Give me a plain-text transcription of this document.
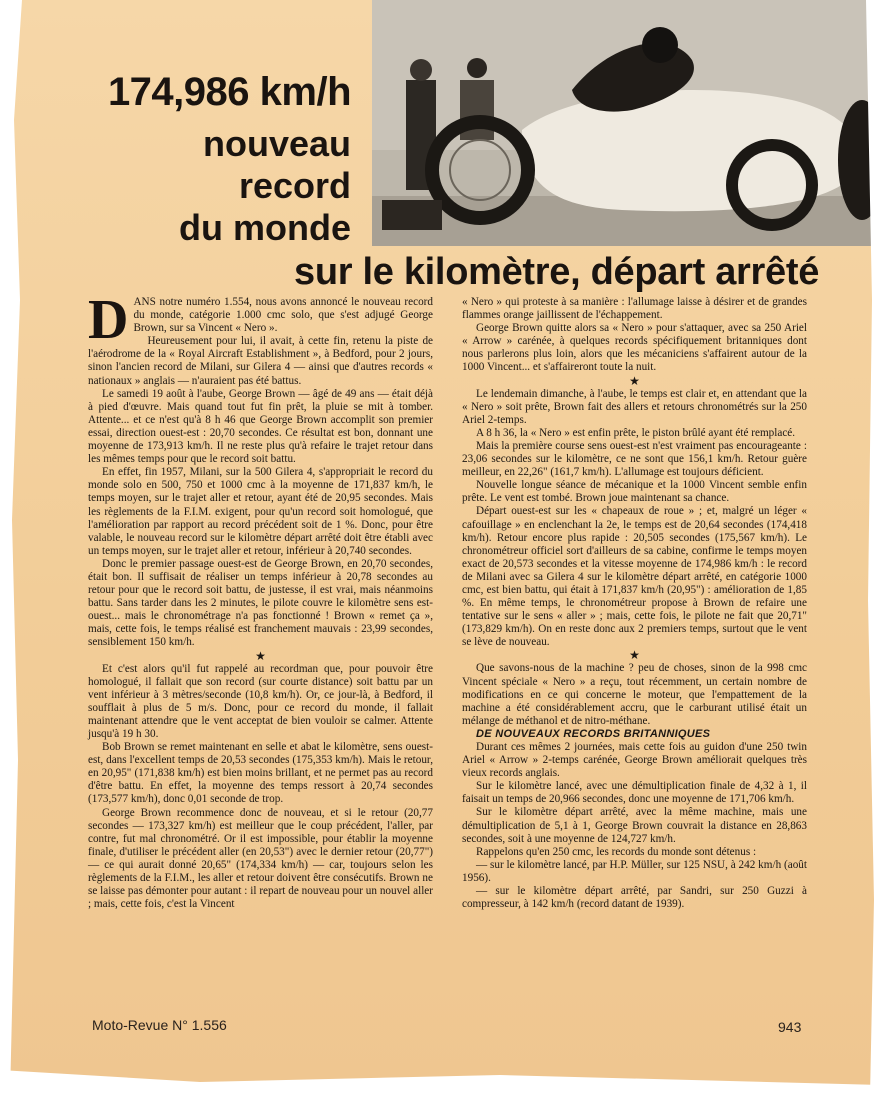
174,986 km/h
nouveau
record
du monde
sur le kilomètre, départ arrêté

D ANS notre numéro 1.554, nous avons annoncé le nouveau record du monde, catégorie 1.000 cmc solo, que s'est adjugé George Brown, sur sa Vincent « Nero ».

Heureusement pour lui, il avait, à cette fin, retenu la piste de l'aérodrome de la « Royal Aircraft Establishment », à Bedford, pour 2 jours, sinon l'ancien record de Milani, sur Gilera 4 — ainsi que d'autres records « nationaux » anglais — n'auraient pas été battus.

Le samedi 19 août à l'aube, George Brown — âgé de 49 ans — était déjà à pied d'œuvre. Mais quand tout fut fin prêt, la pluie se mit à tomber. Attente... et ce n'est qu'à 8 h 46 que George Brown accomplit son premier essai, direction ouest-est : 20,70 secondes. Ce résultat est bon, donnant une moyenne de 173,913 km/h. Il ne reste plus qu'à refaire le trajet retour dans les mêmes temps pour que le record soit battu.

En effet, fin 1957, Milani, sur la 500 Gilera 4, s'appropriait le record du monde solo en 500, 750 et 1000 cmc à la moyenne de 171,837 km/h, le temps moyen, sur le trajet aller et retour, ayant été de 20,95 secondes. Mais les règlements de la F.I.M. exigent, pour qu'un record soit homologué, que l'amélioration par rapport au record précédent soit de 1 %. Donc, pour être valable, le nouveau record sur le kilomètre départ arrêté doit être établi avec un temps moyen, sur le trajet aller et retour, inférieur à 20,740 secondes.

Donc le premier passage ouest-est de George Brown, en 20,70 secondes, était bon. Il suffisait de réaliser un temps inférieur à 20,78 secondes au retour pour que le record soit battu, de justesse, il est vrai, mais néanmoins battu. Sans tarder dans les 2 minutes, le pilote couvre le kilomètre sens est-ouest... mais le chronométrage n'a pas fonctionné ! Brown « remet ça », mais, cette fois, le temps réalisé est franchement mauvais : 23,99 secondes, sensiblement 150 km/h.

★

Et c'est alors qu'il fut rappelé au recordman que, pour pouvoir être homologué, il fallait que son record (sur courte distance) soit battu par un vent inférieur à 3 mètres/seconde (10,8 km/h). Or, ce jour-là, à Bedford, il soufflait à plus de 5 m/s. Donc, pour ce record du monde, il fallait maintenant attendre que le vent acceptat de bien vouloir se calmer. Attente jusqu'à 19 h 30.

Bob Brown se remet maintenant en selle et abat le kilomètre, sens ouest-est, dans l'excellent temps de 20,53 secondes (175,353 km/h). Mais le retour, en 20,95" (171,838 km/h) est bien moins brillant, et ne permet pas au record d'être battu. En effet, la moyenne des temps ressort à 20,74 secondes (173,577 km/h), donc 0,01 seconde de trop.

George Brown recommence donc de nouveau, et si le retour (20,77 secondes — 173,327 km/h) est meilleur que le coup précédent, l'aller, par contre, fut mal chronométré. Or il est impossible, pour établir la moyenne finale, d'utiliser le précédent aller (en 20,53") avec le dernier retour (20,77") — ce qui aurait donné 20,65" (174,334 km/h) — car, toujours selon les règlements de la F.I.M., les aller et retour doivent être consécutifs. Brown ne se laisse pas démonter pour autant : il repart de nouveau pour un nouvel aller ; mais, cette fois, c'est la Vincent

« Nero » qui proteste à sa manière : l'allumage laisse à désirer et de grandes flammes orange jaillissent de l'échappement.

George Brown quitte alors sa « Nero » pour s'attaquer, avec sa 250 Ariel « Arrow » carénée, à quelques records spécifiquement britanniques dont nous parlerons plus loin, alors que les mécaniciens s'affairent autour de la 1000 Vincent... et s'affaireront toute la nuit.

★

Le lendemain dimanche, à l'aube, le temps est clair et, en attendant que la « Nero » soit prête, Brown fait des allers et retours chronométrés sur la 250 Ariel 2-temps.

A 8 h 36, la « Nero » est enfin prête, le piston brûlé ayant été remplacé.

Mais la première course sens ouest-est n'est vraiment pas encourageante : 23,06 secondes sur le kilomètre, ce ne sont que 156,1 km/h. Retour guère meilleur, en 22,26" (161,7 km/h). L'allumage est toujours déficient.

Nouvelle longue séance de mécanique et la 1000 Vincent semble enfin prête. Le vent est tombé. Brown joue maintenant sa chance.

Départ ouest-est sur les « chapeaux de roue » ; et, malgré un léger « cafouillage » en enclenchant la 2e, le temps est de 20,64 secondes (174,418 km/h). Retour encore plus rapide : 20,505 secondes (175,567 km/h). Le chronométreur officiel sort d'ailleurs de sa cabine, confirme le temps moyen exact de 20,573 secondes et la vitesse moyenne de 174,986 km/h : le record de Milani avec sa Gilera 4 sur le kilomètre départ arrêté, en catégorie 1000 cmc, est bien battu, qui était à 171,837 km/h (20,95") : amélioration de 1,85 %. En même temps, le chronométreur propose à Brown de refaire une tentative sur le sens « aller » ; mais, cette fois, le pilote ne fait que 20,71" (173,829 km/h). On en reste donc aux 2 premiers temps, surtout que le vent se lève de nouveau.

★

Que savons-nous de la machine ? peu de choses, sinon de la 998 cmc Vincent spéciale « Nero » a reçu, tout récemment, un certain nombre de modifications en ce qui concerne le moteur, que l'empattement de la machine a été considérablement accru, que le carburant utilisé était un mélange de méthanol et de nitro-méthane.

DE NOUVEAUX RECORDS BRITANNIQUES

Durant ces mêmes 2 journées, mais cette fois au guidon d'une 250 twin Ariel « Arrow » 2-temps carénée, George Brown améliorait quelques très vieux records anglais.

Sur le kilomètre lancé, avec une démultiplication finale de 4,32 à 1, il faisait un temps de 20,966 secondes, donc une moyenne de 171,706 km/h.

Sur le kilomètre départ arrêté, avec la même machine, mais une démultiplication de 5,1 à 1, George Brown couvrait la distance en 28,863 secondes, soit à une moyenne de 124,727 km/h.

Rappelons qu'en 250 cmc, les records du monde sont détenus :

— sur le kilomètre lancé, par H.P. Müller, sur 125 NSU, à 242 km/h (août 1956).

— sur le kilomètre départ arrêté, par Sandri, sur 250 Guzzi à compresseur, à 142 km/h (record datant de 1939).

Moto-Revue N° 1.556	943
